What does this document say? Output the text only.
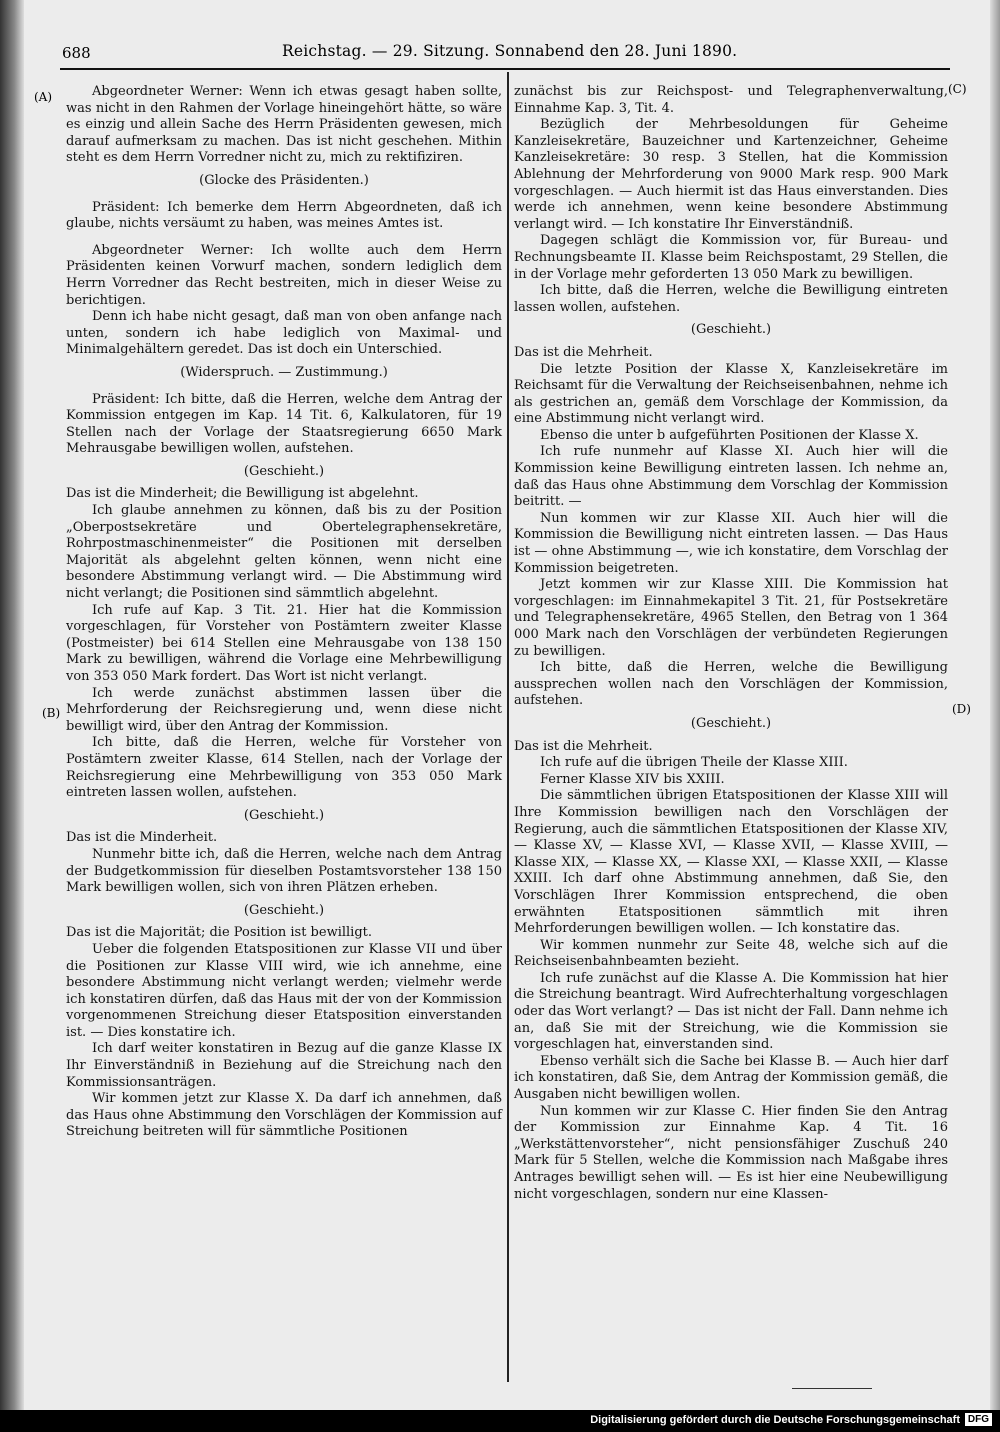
688	Reichstag. — 29. Sitzung. Sonnabend den 28. Juni 1890.
(A)
(B)
(C)
(D)

Abgeordneter Werner: Wenn ich etwas gesagt haben sollte, was nicht in den Rahmen der Vorlage hineingehört hätte, so wäre es einzig und allein Sache des Herrn Präsidenten gewesen, mich darauf aufmerksam zu machen. Das ist nicht geschehen. Mithin steht es dem Herrn Vorredner nicht zu, mich zu rektifiziren.

(Glocke des Präsidenten.)

Präsident: Ich bemerke dem Herrn Abgeordneten, daß ich glaube, nichts versäumt zu haben, was meines Amtes ist.

Abgeordneter Werner: Ich wollte auch dem Herrn Präsidenten keinen Vorwurf machen, sondern lediglich dem Herrn Vorredner das Recht bestreiten, mich in dieser Weise zu berichtigen.

Denn ich habe nicht gesagt, daß man von oben anfange nach unten, sondern ich habe lediglich von Maximal- und Minimalgehältern geredet. Das ist doch ein Unterschied.

(Widerspruch. — Zustimmung.)

Präsident: Ich bitte, daß die Herren, welche dem Antrag der Kommission entgegen im Kap. 14 Tit. 6, Kalkulatoren, für 19 Stellen nach der Vorlage der Staatsregierung 6650 Mark Mehrausgabe bewilligen wollen, aufstehen.

(Geschieht.)

Das ist die Minderheit; die Bewilligung ist abgelehnt.

Ich glaube annehmen zu können, daß bis zu der Position „Oberpostsekretäre und Obertelegraphensekretäre, Rohrpostmaschinenmeister“ die Positionen mit derselben Majorität als abgelehnt gelten können, wenn nicht eine besondere Abstimmung verlangt wird. — Die Abstimmung wird nicht verlangt; die Positionen sind sämmtlich abgelehnt.

Ich rufe auf Kap. 3 Tit. 21. Hier hat die Kommission vorgeschlagen, für Vorsteher von Postämtern zweiter Klasse (Postmeister) bei 614 Stellen eine Mehrausgabe von 138 150 Mark zu bewilligen, während die Vorlage eine Mehrbewilligung von 353 050 Mark fordert. Das Wort ist nicht verlangt.

Ich werde zunächst abstimmen lassen über die Mehrforderung der Reichsregierung und, wenn diese nicht bewilligt wird, über den Antrag der Kommission.

Ich bitte, daß die Herren, welche für Vorsteher von Postämtern zweiter Klasse, 614 Stellen, nach der Vorlage der Reichsregierung eine Mehrbewilligung von 353 050 Mark eintreten lassen wollen, aufstehen.

(Geschieht.)

Das ist die Minderheit.

Nunmehr bitte ich, daß die Herren, welche nach dem Antrag der Budgetkommission für dieselben Postamtsvorsteher 138 150 Mark bewilligen wollen, sich von ihren Plätzen erheben.

(Geschieht.)

Das ist die Majorität; die Position ist bewilligt.

Ueber die folgenden Etatspositionen zur Klasse VII und über die Positionen zur Klasse VIII wird, wie ich annehme, eine besondere Abstimmung nicht verlangt werden; vielmehr werde ich konstatiren dürfen, daß das Haus mit der von der Kommission vorgenommenen Streichung dieser Etatsposition einverstanden ist. — Dies konstatire ich.

Ich darf weiter konstatiren in Bezug auf die ganze Klasse IX Ihr Einverständniß in Beziehung auf die Streichung nach den Kommissionsanträgen.

Wir kommen jetzt zur Klasse X. Da darf ich annehmen, daß das Haus ohne Abstimmung den Vorschlägen der Kommission auf Streichung beitreten will für sämmtliche Positionen

zunächst bis zur Reichspost- und Telegraphenverwaltung, Einnahme Kap. 3, Tit. 4.

Bezüglich der Mehrbesoldungen für Geheime Kanzleisekretäre, Bauzeichner und Kartenzeichner, Geheime Kanzleisekretäre: 30 resp. 3 Stellen, hat die Kommission Ablehnung der Mehrforderung von 9000 Mark resp. 900 Mark vorgeschlagen. — Auch hiermit ist das Haus einverstanden. Dies werde ich annehmen, wenn keine besondere Abstimmung verlangt wird. — Ich konstatire Ihr Einverständniß.

Dagegen schlägt die Kommission vor, für Bureau- und Rechnungsbeamte II. Klasse beim Reichspostamt, 29 Stellen, die in der Vorlage mehr geforderten 13 050 Mark zu bewilligen.

Ich bitte, daß die Herren, welche die Bewilligung eintreten lassen wollen, aufstehen.

(Geschieht.)

Das ist die Mehrheit.

Die letzte Position der Klasse X, Kanzleisekretäre im Reichsamt für die Verwaltung der Reichseisenbahnen, nehme ich als gestrichen an, gemäß dem Vorschlage der Kommission, da eine Abstimmung nicht verlangt wird.

Ebenso die unter b aufgeführten Positionen der Klasse X.

Ich rufe nunmehr auf Klasse XI. Auch hier will die Kommission keine Bewilligung eintreten lassen. Ich nehme an, daß das Haus ohne Abstimmung dem Vorschlag der Kommission beitritt. —

Nun kommen wir zur Klasse XII. Auch hier will die Kommission die Bewilligung nicht eintreten lassen. — Das Haus ist — ohne Abstimmung —, wie ich konstatire, dem Vorschlag der Kommission beigetreten.

Jetzt kommen wir zur Klasse XIII. Die Kommission hat vorgeschlagen: im Einnahmekapitel 3 Tit. 21, für Postsekretäre und Telegraphensekretäre, 4965 Stellen, den Betrag von 1 364 000 Mark nach den Vorschlägen der verbündeten Regierungen zu bewilligen.

Ich bitte, daß die Herren, welche die Bewilligung aussprechen wollen nach den Vorschlägen der Kommission, aufstehen.

(Geschieht.)

Das ist die Mehrheit.

Ich rufe auf die übrigen Theile der Klasse XIII.

Ferner Klasse XIV bis XXIII.

Die sämmtlichen übrigen Etatspositionen der Klasse XIII will Ihre Kommission bewilligen nach den Vorschlägen der Regierung, auch die sämmtlichen Etatspositionen der Klasse XIV, — Klasse XV, — Klasse XVI, — Klasse XVII, — Klasse XVIII, — Klasse XIX, — Klasse XX, — Klasse XXI, — Klasse XXII, — Klasse XXIII. Ich darf ohne Abstimmung annehmen, daß Sie, den Vorschlägen Ihrer Kommission entsprechend, die oben erwähnten Etatspositionen sämmtlich mit ihren Mehrforderungen bewilligen wollen. — Ich konstatire das.

Wir kommen nunmehr zur Seite 48, welche sich auf die Reichseisenbahnbeamten bezieht.

Ich rufe zunächst auf die Klasse A. Die Kommission hat hier die Streichung beantragt. Wird Aufrechterhaltung vorgeschlagen oder das Wort verlangt? — Das ist nicht der Fall. Dann nehme ich an, daß Sie mit der Streichung, wie die Kommission sie vorgeschlagen hat, einverstanden sind.

Ebenso verhält sich die Sache bei Klasse B. — Auch hier darf ich konstatiren, daß Sie, dem Antrag der Kommission gemäß, die Ausgaben nicht bewilligen wollen.

Nun kommen wir zur Klasse C. Hier finden Sie den Antrag der Kommission zur Einnahme Kap. 4 Tit. 16 „Werkstättenvorsteher“, nicht pensionsfähiger Zuschuß 240 Mark für 5 Stellen, welche die Kommission nach Maßgabe ihres Antrages bewilligt sehen will. — Es ist hier eine Neubewilligung nicht vorgeschlagen, sondern nur eine Klassen-

Digitalisierung gefördert durch die Deutsche Forschungsgemeinschaft DFG
